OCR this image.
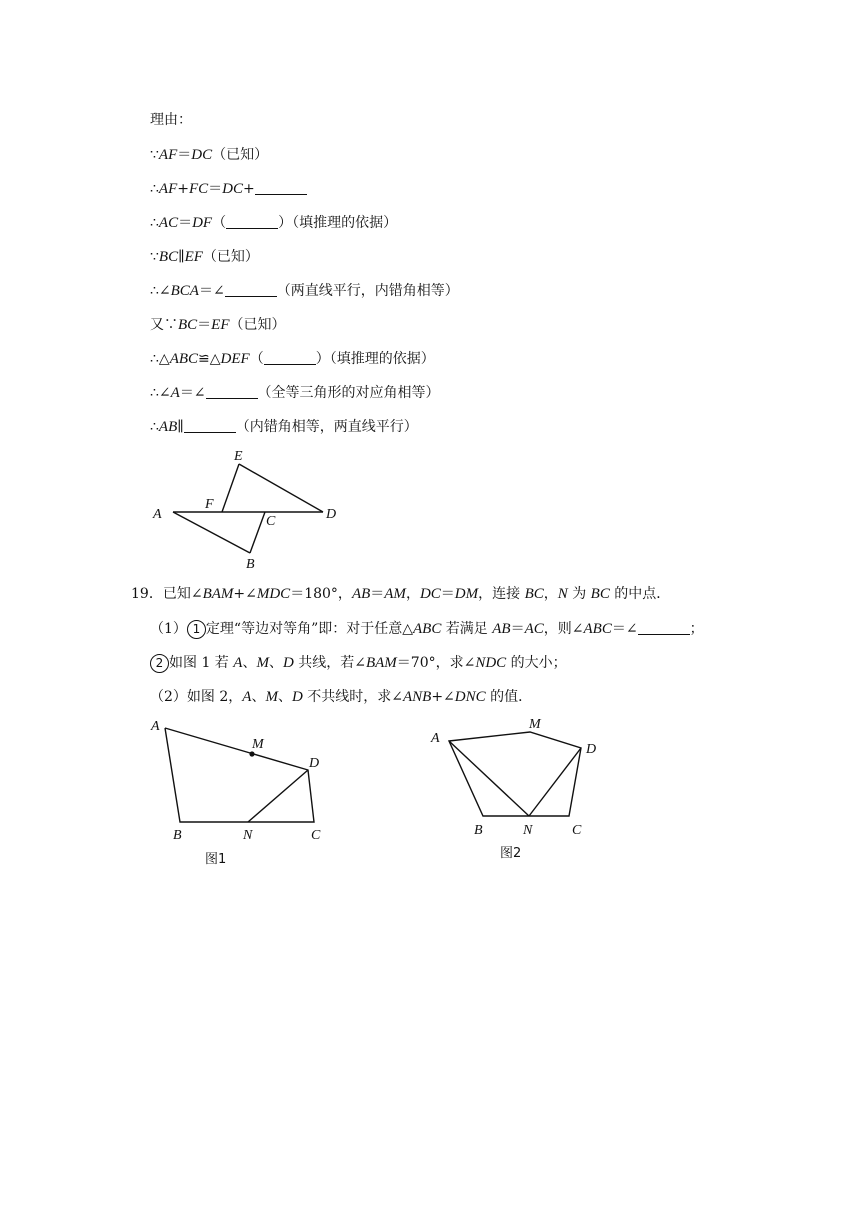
理由：
∵AF＝DC（已知）
∴AF+FC＝DC+
∴AC＝DF（	）（填推理的依据）
∵BC∥EF（已知）
∴∠BCA＝∠	（两直线平行，内错角相等）
又∵BC＝EF（已知）
∴△ABC≌△DEF（	）（填推理的依据）
∴∠A＝∠	（全等三角形的对应角相等）
∴AB∥	（内错角相等，两直线平行）
E
F
A	C	D
B
19．已知∠BAM+∠MDC＝180°，AB＝AM，DC＝DM，连接 BC，N 为 BC 的中点．
（1） 1 定理“等边对等角”即：对于任意△ABC 若满足 AB＝AC，则∠ABC＝∠	；
2 如图 1 若 A、M、D 共线，若∠BAM＝70°，求∠NDC 的大小；
（2）如图 2，A、M、D 不共线时，求∠ANB+∠DNC 的值．
A
M
D
B	N	C
图1
A
M
D
B	N	C
图2
